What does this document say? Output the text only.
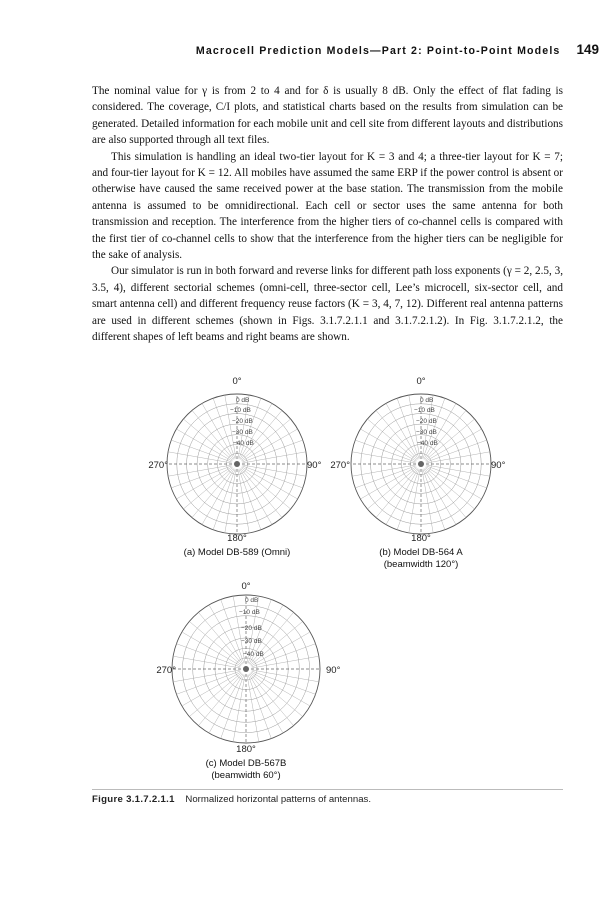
Macrocell Prediction Models—Part 2: Point-to-Point Models 149

The nominal value for γ is from 2 to 4 and for δ is usually 8 dB. Only the effect of flat fading is considered. The coverage, C/I plots, and statistical charts based on the results from simulation can be generated. Detailed information for each mobile unit and cell site from different layouts and distributions are also supported through all text files.

This simulation is handling an ideal two-tier layout for K = 3 and 4; a three-tier layout for K = 7; and four-tier layout for K = 12. All mobiles have assumed the same ERP if the power control is absent or otherwise have caused the same received power at the base station. The transmission from the mobile antenna is assumed to be omnidirectional. Each cell or sector uses the same antenna for both transmission and reception. The interference from the higher tiers of co-channel cells is compared with the first tier of co-channel cells to show that the interference from the higher tiers can be negligible for the sake of analysis.

Our simulator is run in both forward and reverse links for different path loss exponents (γ = 2, 2.5, 3, 3.5, 4), different sectorial schemes (omni-cell, three-sector cell, Lee’s microcell, six-sector cell, and smart antenna cell) and different frequency reuse factors (K = 3, 4, 7, 12). Different real antenna patterns are used in different schemes (shown in Figs. 3.1.7.2.1.1 and 3.1.7.2.1.2). In Fig. 3.1.7.2.1.2, the different shapes of left beams and right beams are shown.

0°
90°
180°
270°
0 dB
−10 dB
−20 dB
−30 dB
−40 dB
(a) Model DB-589 (Omni)
0°
90°
180°
270°
0 dB
−10 dB
−20 dB
−30 dB
−40 dB
(b) Model DB-564 A
(beamwidth 120°)
0°
90°
180°
270°
0 dB
−10 dB
−20 dB
−30 dB
−40 dB
(c) Model DB-567B
(beamwidth 60°)
Figure 3.1.7.2.1.1 Normalized horizontal patterns of antennas.
